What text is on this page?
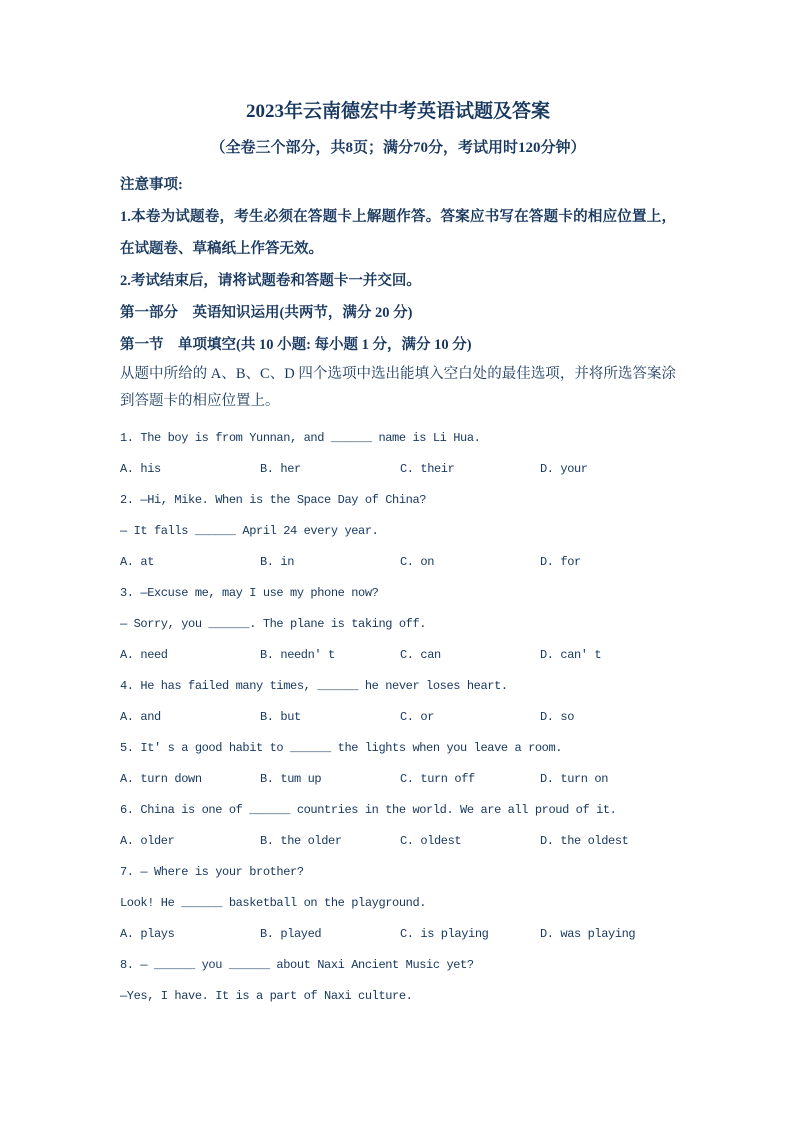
2023年云南德宏中考英语试题及答案
（全卷三个部分，共8页；满分70分，考试用时120分钟）
注意事项:

1.本卷为试题卷，考生必须在答题卡上解题作答。答案应书写在答题卡的相应位置上，在试题卷、草稿纸上作答无效。

2.考试结束后，请将试题卷和答题卡一并交回。

第一部分　英语知识运用(共两节，满分 20 分)
第一节　单项填空(共 10 小题: 每小题 1 分，满分 10 分)

从题中所给的 A、B、C、D 四个选项中选出能填入空白处的最佳选项，并将所选答案涂到答题卡的相应位置上。

1. The boy is from Yunnan, and ______ name is Li Hua.
A. his	B. her	C. their	D. your
2. —Hi, Mike. When is the Space Day of China?
— It falls ______ April 24 every year.
A. at	B. in	C. on	D. for
3. —Excuse me, may I use my phone now?
— Sorry, you ______. The plane is taking off.
A. need	B. needn' t	C. can	D. can' t
4. He has failed many times, ______ he never loses heart.
A. and	B. but	C. or	D. so
5. It' s a good habit to ______ the lights when you leave a room.
A. turn down	B. tum up	C. turn off	D. turn on
6. China is one of ______ countries in the world. We are all proud of it.
A. older	B. the older	C. oldest	D. the oldest
7. — Where is your brother?
Look! He ______ basketball on the playground.
A. plays	B. played	C. is playing	D. was playing
8. — ______ you ______ about Naxi Ancient Music yet?
—Yes, I have. It is a part of Naxi culture.
